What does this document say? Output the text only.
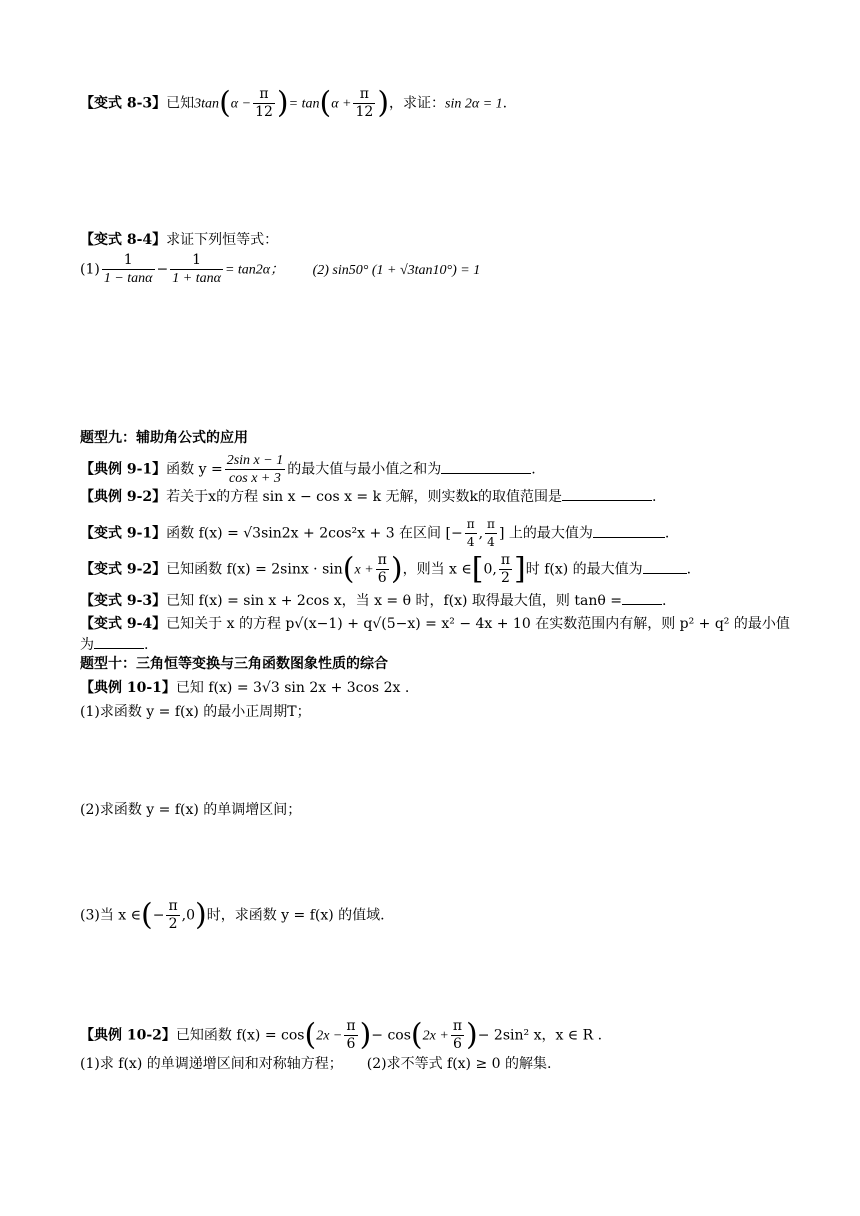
【变式 8-3】已知$3\tan(\alpha - \frac{\pi}{12}$ )= $\tan(\alpha + \frac{\pi}{12}$ )，求证：sin 2α = 1.
【变式 8-4】求证下列恒等式：
$(1) \frac{1}{1 - \tan\alpha} - \frac{1}{1 + \tan\alpha} = \tan 2\alpha$； (2) sin50° (1 + √3tan10°) = 1
题型九：辅助角公式的应用
【典例 9-1】函数 $y = \frac{\text{2sin x − 1}}{\text{cos x + 3}}$ 的最大值与最小值之和为	.
【典例 9-2】若关于x的方程 sin x − cos x = k 无解，则实数k的取值范围是	.
【变式 9-1】函数 f(x) = √3sin2x + 2cos²x + 3 在区间 [− $\frac{\pi}{4}$ , $\frac{\pi}{4}$ ] 上的最大值为	.
【变式 9-2】已知函数 $f(x) = 2\sin x \cdot \sin(x + \frac{\pi}{6}$ )，则当 x ∈[0, $\frac{\pi}{2}$ ]时 f(x) 的最大值为	.
【变式 9-3】已知 f(x) = sin x + 2cos x，当 x = θ 时，f(x) 取得最大值，则 tanθ =	.
【变式 9-4】已知关于 x 的方程 p√(x−1) + q√(5−x) = x² − 4x + 10 在实数范围内有解，则 p² + q² 的最小值
为	.
题型十：三角恒等变换与三角函数图象性质的综合
【典例 10-1】已知 f(x) = 3√3 sin 2x + 3cos 2x .
(1)求函数 y = f(x) 的最小正周期T；
(2)求函数 y = f(x) 的单调增区间；
(3)当 x ∈(− $\frac{\pi}{2} ,0$)时，求函数 y = f(x) 的值域.
【典例 10-2】已知函数 $f(x) = \cos(2x - \frac{\pi}{6}$ )− $\cos(2x + \frac{\pi}{6}$ )− 2sin² x，x ∈ R .
(1)求 f(x) 的单调递增区间和对称轴方程； (2)求不等式 f(x) ≥ 0 的解集.
